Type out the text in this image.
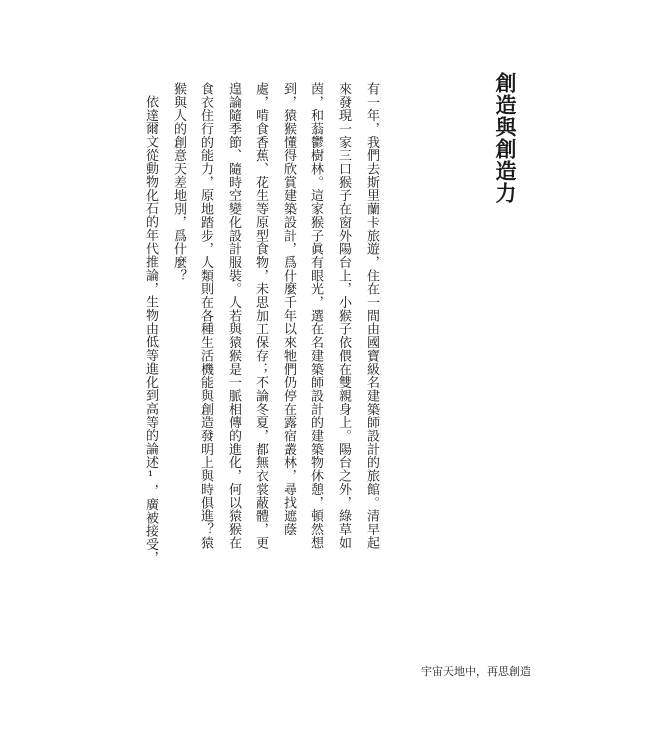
創造與創造力
有一年，我們去斯里蘭卡旅遊，住在一間由國寶級名建築師設計的旅館。清早起
來發現一家三口猴子在窗外陽台上，小猴子依偎在雙親身上。陽台之外，綠草如
茵，和蓊鬱樹林。這家猴子眞有眼光，選在名建築師設計的建築物休憩，頓然想
到，猿猴懂得欣賞建築設計，爲什麼千年以來牠們仍停在露宿叢林，尋找遮蔭
處，啃食香蕉、花生等原型食物，未思加工保存；不論冬夏，都無衣裳蔽體，更
遑論隨季節、隨時空變化設計服裝。人若與猿猴是一脈相傳的進化，何以猿猴在
食衣住行的能力，原地踏步，人類則在各種生活機能與創造發明上與時俱進？猿
猴與人的創意天差地別，爲什麼？
依達爾文從動物化石的年代推論，生物由低等進化到高等的論述¹，廣被接受，
宇宙天地中，再思創造
